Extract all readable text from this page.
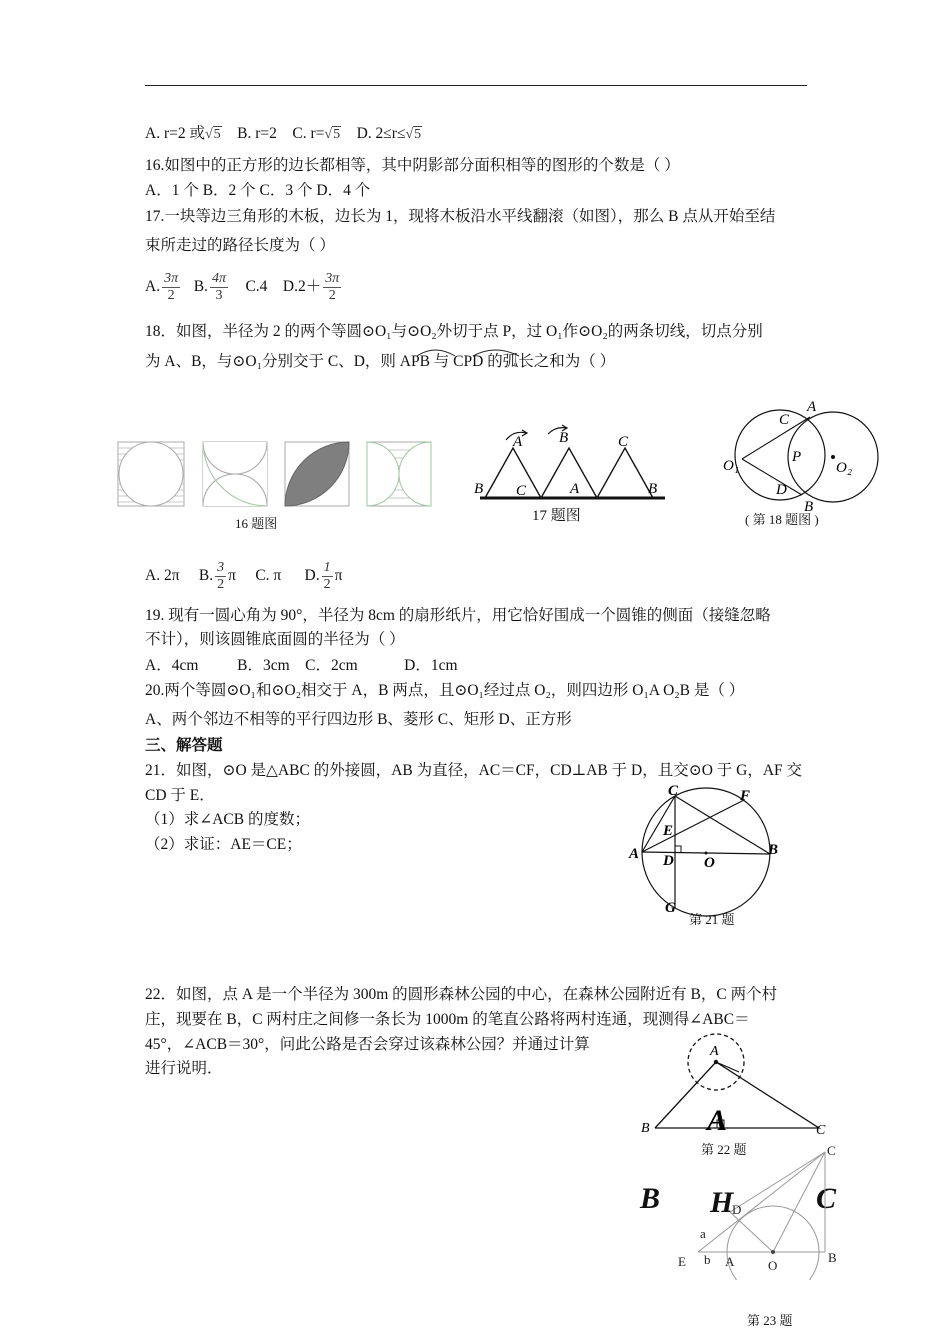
A. r=2 或√5 B. r=2 C. r=√5 D. 2≤r≤√5
16.如图中的正方形的边长都相等，其中阴影部分面积相等的图形的个数是（ ）
A．1 个 B．2 个 C．3 个 D．4 个
17.一块等边三角形的木板，边长为 1，现将木板沿水平线翻滚（如图），那么 B 点从开始至结
束所走过的路径长度为（ ）
A. $\frac{3\pi}{2} B$. $\frac{4\pi}{3} C.4$ $D.2+ \frac{3\pi}{2}$
18．如图，半径为 2 的两个等圆⊙O₁与⊙O₂外切于点 P，过 O₁作⊙O₂的两条切线，切点分别
为 A、B，与⊙O₁分别交于 C、D，则 APB 与 CPD 的弧长之和为（ ）
16 题图
A B	C
B C	A	B
17 题图
A
C
O₁
P
O₂
D
B
( 第 18 题图 )
A. 2π B. $\frac{3}{2}$ π C. π D. $\frac{1}{2}$ π
19. 现有一圆心角为 90°，半径为 8cm 的扇形纸片，用它恰好围成一个圆锥的侧面（接缝忽略
不计），则该圆锥底面圆的半径为（ ）
A．4cm          B．3cm    C．2cm            D．1cm
20.两个等圆⊙O₁和⊙O₂相交于 A，B 两点，且⊙O₁经过点 O₂，则四边形 O₁A O₂B 是（ ）
A、两个邻边不相等的平行四边形 B、菱形 C、矩形 D、正方形
三、解答题
21．如图，⊙O 是△ABC 的外接圆，AB 为直径，AC＝CF，CD⊥AB 于 D，且交⊙O 于 G，AF 交
CD 于 E．
（1）求∠ACB 的度数；
（2）求证：AE＝CE；
C	F
E
A D O
B
G
第 21 题
22．如图，点 A 是一个半径为 300m 的圆形森林公园的中心，在森林公园附近有 B，C 两个村
庄，现要在 B，C 两村庄之间修一条长为 1000m 的笔直公路将两村连通，现测得∠ABC＝
45°，∠ACB＝30°，问此公路是否会穿过该森林公园？并通过计算
进行说明．
A
B	C
A
第 22 题
B H	C
C
D
a
E b A	O
B
第 23 题
